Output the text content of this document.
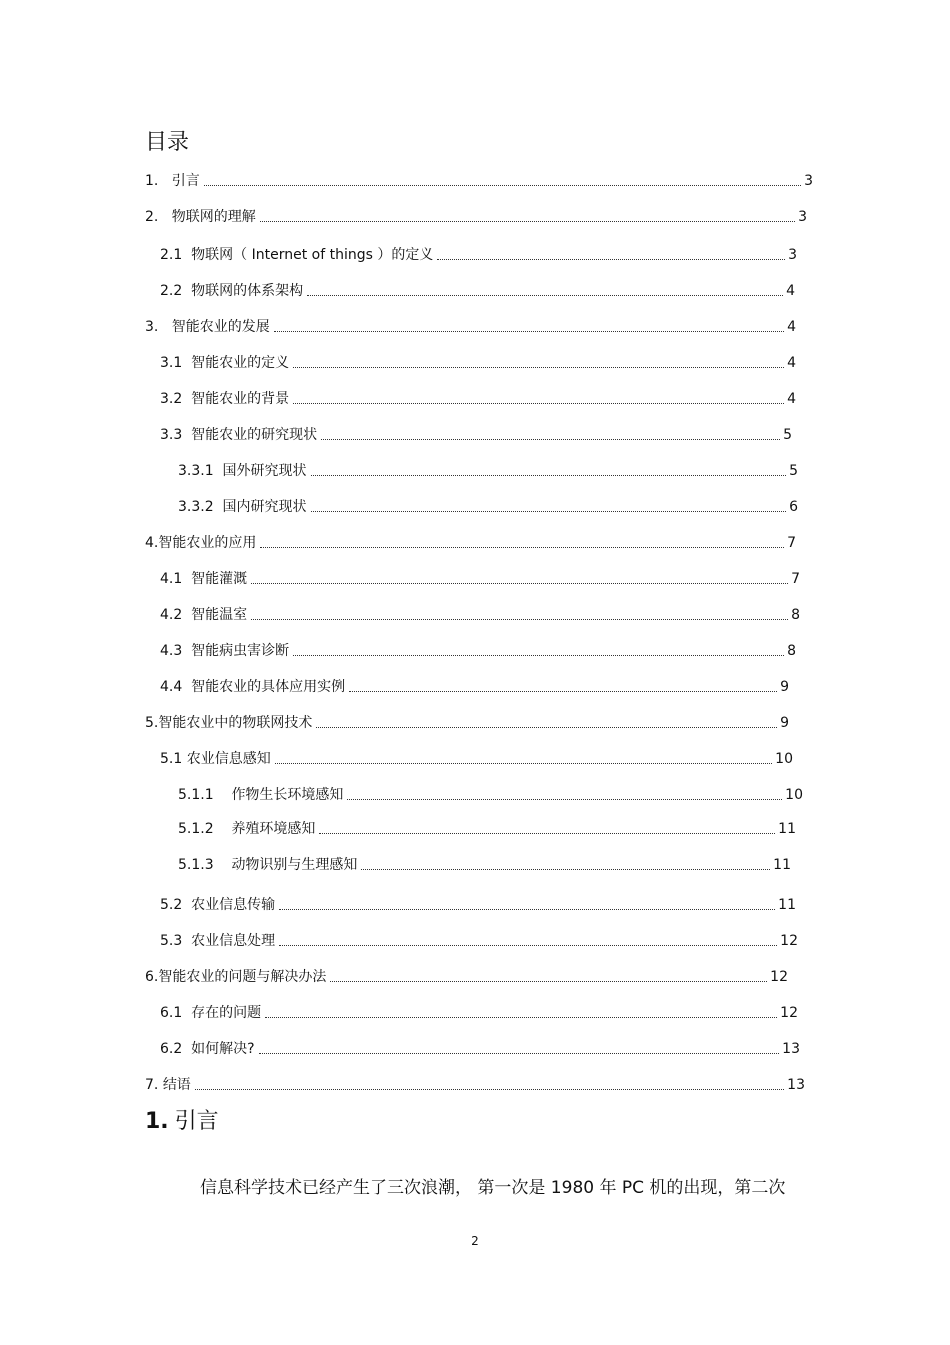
目录
1. 引言	3
2. 物联网的理解	3
2.1 物联网（ Internet of things ）的定义	3
2.2 物联网的体系架构	4
3. 智能农业的发展	4
3.1 智能农业的定义	4
3.2 智能农业的背景	4
3.3 智能农业的研究现状	5
3.3.1 国外研究现状	5
3.3.2 国内研究现状	6
4. 智能农业的应用	7
4.1 智能灌溉	7
4.2 智能温室	8
4.3 智能病虫害诊断	8
4.4 智能农业的具体应用实例	9
5. 智能农业中的物联网技术	9
5.1 农业信息感知	10
5.1.1 作物生长环境感知	10
5.1.2 养殖环境感知	11
5.1.3 动物识别与生理感知	11
5.2 农业信息传输	11
5.3 农业信息处理	12
6. 智能农业的问题与解决办法	12
6.1 存在的问题	12
6.2 如何解决?	13
7. 结语	13
1. 引言
信息科学技术已经产生了三次浪潮， 第一次是 1980 年 PC 机的出现，第二次
2
